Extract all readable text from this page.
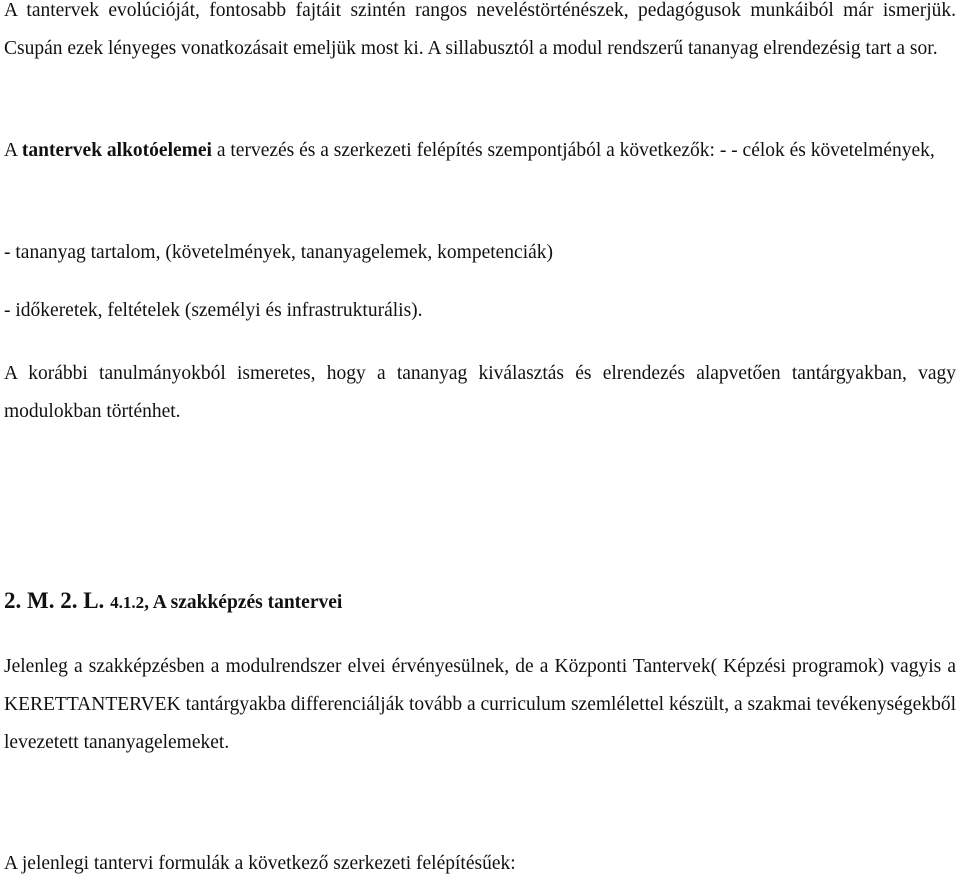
A tantervek evolúcióját, fontosabb fajtáit szintén rangos neveléstörténészek, pedagógusok munkáiból már ismerjük. Csupán ezek lényeges vonatkozásait emeljük most ki. A sillabusztól a modul rendszerű tananyag elrendezésig tart a sor.

A tantervek alkotóelemei a tervezés és a szerkezeti felépítés szempontjából a következők: - - célok és követelmények,

- tananyag tartalom, (követelmények, tananyagelemek, kompetenciák)

- időkeretek, feltételek (személyi és infrastrukturális).

A korábbi tanulmányokból ismeretes, hogy a tananyag kiválasztás és elrendezés alapvetően tantárgyakban, vagy modulokban történhet.

2. M. 2. L. 4.1.2, A szakképzés tantervei

Jelenleg a szakképzésben a modulrendszer elvei érvényesülnek, de a Központi Tantervek( Képzési programok) vagyis a KERETTANTERVEK tantárgyakba differenciálják tovább a curriculum szemlélettel készült, a szakmai tevékenységekből levezetett tananyagelemeket.

A jelenlegi tantervi formulák a következő szerkezeti felépítésűek:
